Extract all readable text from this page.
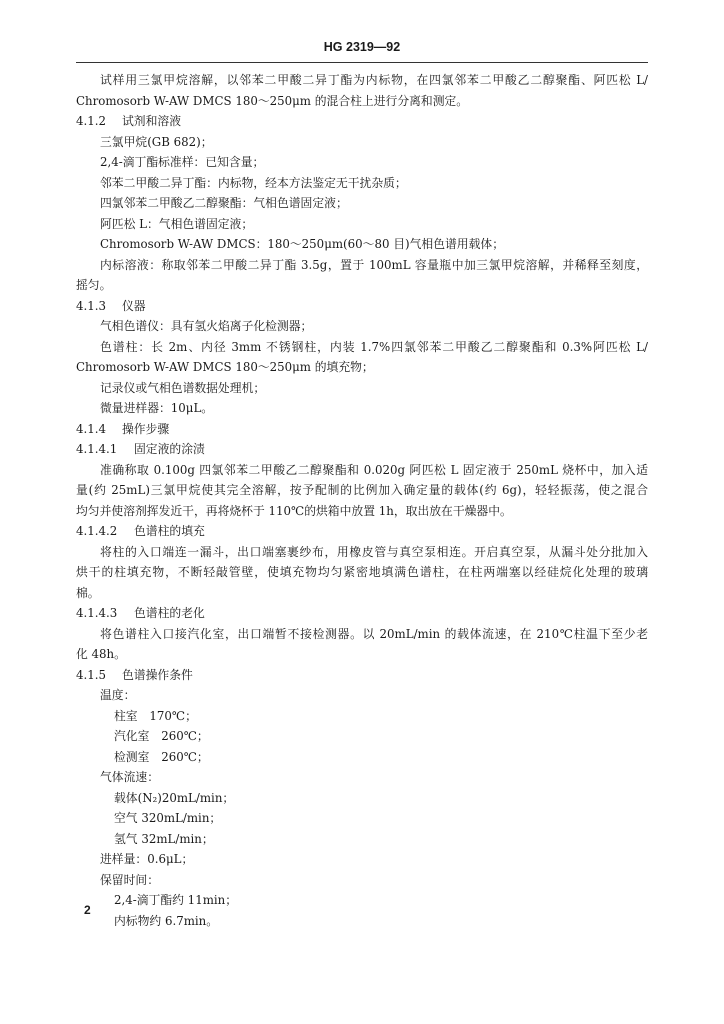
HG 2319—92
试样用三氯甲烷溶解，以邻苯二甲酸二异丁酯为内标物，在四氯邻苯二甲酸乙二醇聚酯、阿匹松 L/
Chromosorb W-AW DMCS 180～250μm 的混合柱上进行分离和测定。
4.1.2 试剂和溶液
三氯甲烷(GB 682)；
2,4-滴丁酯标准样：已知含量；
邻苯二甲酸二异丁酯：内标物，经本方法鉴定无干扰杂质；
四氯邻苯二甲酸乙二醇聚酯：气相色谱固定液；
阿匹松 L：气相色谱固定液；
Chromosorb W-AW DMCS：180～250μm(60～80 目)气相色谱用载体；
内标溶液：称取邻苯二甲酸二异丁酯 3.5g，置于 100mL 容量瓶中加三氯甲烷溶解，并稀释至刻度，
摇匀。
4.1.3 仪器
气相色谱仪：具有氢火焰离子化检测器；
色谱柱：长 2m、内径 3mm 不锈钢柱，内装 1.7%四氯邻苯二甲酸乙二醇聚酯和 0.3%阿匹松 L/
Chromosorb W-AW DMCS 180～250μm 的填充物；
记录仪或气相色谱数据处理机；
微量进样器：10μL。
4.1.4 操作步骤
4.1.4.1 固定液的涂渍
准确称取 0.100g 四氯邻苯二甲酸乙二醇聚酯和 0.020g 阿匹松 L 固定液于 250mL 烧杯中，加入适
量(约 25mL)三氯甲烷使其完全溶解，按予配制的比例加入确定量的载体(约 6g)，轻轻振荡，使之混合
均匀并使溶剂挥发近干，再将烧杯于 110℃的烘箱中放置 1h，取出放在干燥器中。
4.1.4.2 色谱柱的填充
将柱的入口端连一漏斗，出口端塞裹纱布，用橡皮管与真空泵相连。开启真空泵，从漏斗处分批加入
烘干的柱填充物，不断轻敲管壁，使填充物均匀紧密地填满色谱柱，在柱两端塞以经硅烷化处理的玻璃
棉。
4.1.4.3 色谱柱的老化
将色谱柱入口接汽化室，出口端暂不接检测器。以 20mL/min 的载体流速，在 210℃柱温下至少老
化 48h。
4.1.5 色谱操作条件
温度：
柱室　170℃；
汽化室　260℃；
检测室　260℃；
气体流速：
载体(N₂)20mL/min；
空气 320mL/min；
氢气 32mL/min；
进样量：0.6μL；
保留时间：
2,4-滴丁酯约 11min；
内标物约 6.7min。
2
